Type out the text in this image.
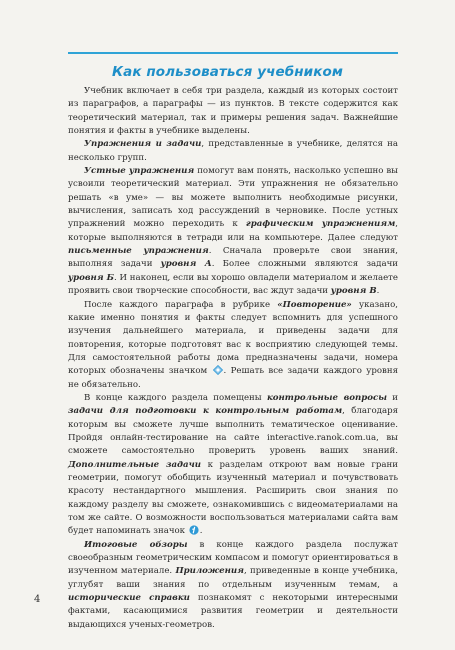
Как пользоваться учебником

Учебник включает в себя три раздела, каждый из которых состоит из параграфов, а параграфы — из пунктов. В тексте содержится как теоретический материал, так и примеры решения задач. Важнейшие понятия и факты в учебнике выделены.

Упражнения и задачи, представленные в учебнике, делятся на несколько групп.

Устные упражнения помогут вам понять, насколько успешно вы усвоили теоретический материал. Эти упражнения не обязательно решать «в уме» — вы можете выполнить необходимые рисунки, вычисления, записать ход рассуждений в черновике. После устных упражнений можно переходить к графическим упражнениям, которые выполняются в тетради или на компьютере. Далее следуют письменные упражнения. Сначала проверьте свои знания, выполняя задачи уровня А. Более сложными являются задачи уровня Б. И наконец, если вы хорошо овладели материалом и желаете проявить свои творческие способности, вас ждут задачи уровня В.

После каждого параграфа в рубрике «Повторение» указано, какие именно понятия и факты следует вспомнить для успешного изучения дальнейшего материала, и приведены задачи для повторения, которые подготовят вас к восприятию следующей темы. Для самостоятельной работы дома предназначены задачи, номера которых обозначены значком . Решать все задачи каждого уровня не обязательно.

В конце каждого раздела помещены контрольные вопросы и задачи для подготовки к контрольным работам, благодаря которым вы сможете лучше выполнить тематическое оценивание. Пройдя онлайн-тестирование на сайте interactive.ranok.com.ua, вы сможете самостоятельно проверить уровень ваших знаний. Дополнительные задачи к разделам откроют вам новые грани геометрии, помогут обобщить изученный материал и почувствовать красоту нестандартного мышления. Расширить свои знания по каждому разделу вы сможете, ознакомившись с видеоматериалами на том же сайте. О возможности воспользоваться материалами сайта вам будет напоминать значок .

Итоговые обзоры в конце каждого раздела послужат своеобразным геометрическим компасом и помогут ориентироваться в изученном материале. Приложения, приведенные в конце учебника, углубят ваши знания по отдельным изученным темам, а исторические справки познакомят с некоторыми интересными фактами, касающимися развития геометрии и деятельности выдающихся ученых-геометров.

4
